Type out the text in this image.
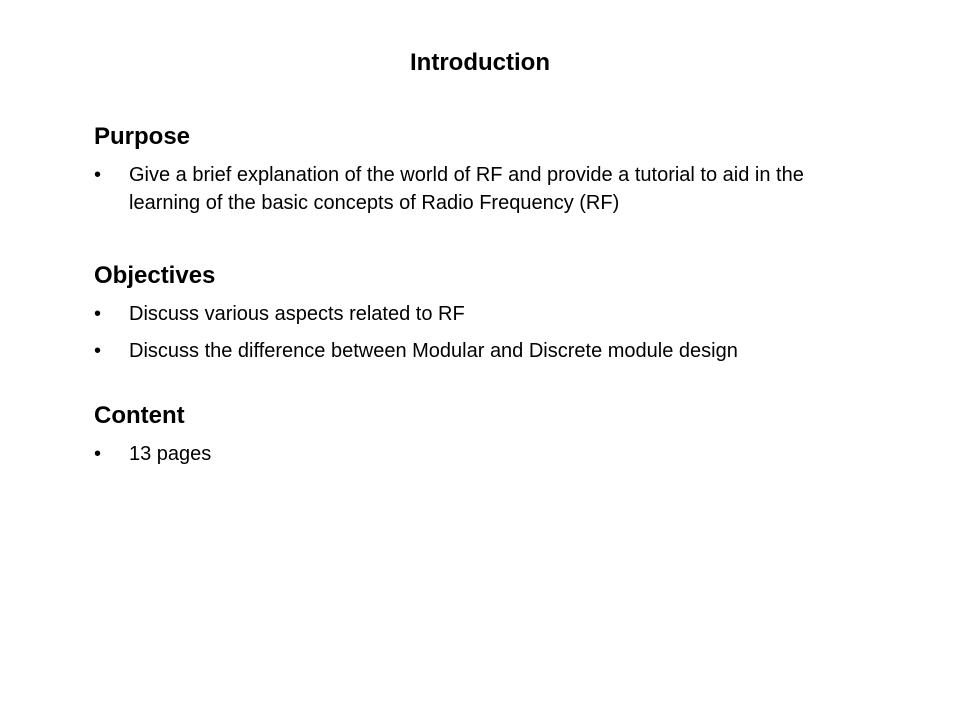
Introduction
Purpose
• Give a brief explanation of the world of RF and provide a tutorial to aid in the learning of the basic concepts of Radio Frequency (RF)
Objectives
• Discuss various aspects related to RF
• Discuss the difference between Modular and Discrete module design
Content
• 13 pages
